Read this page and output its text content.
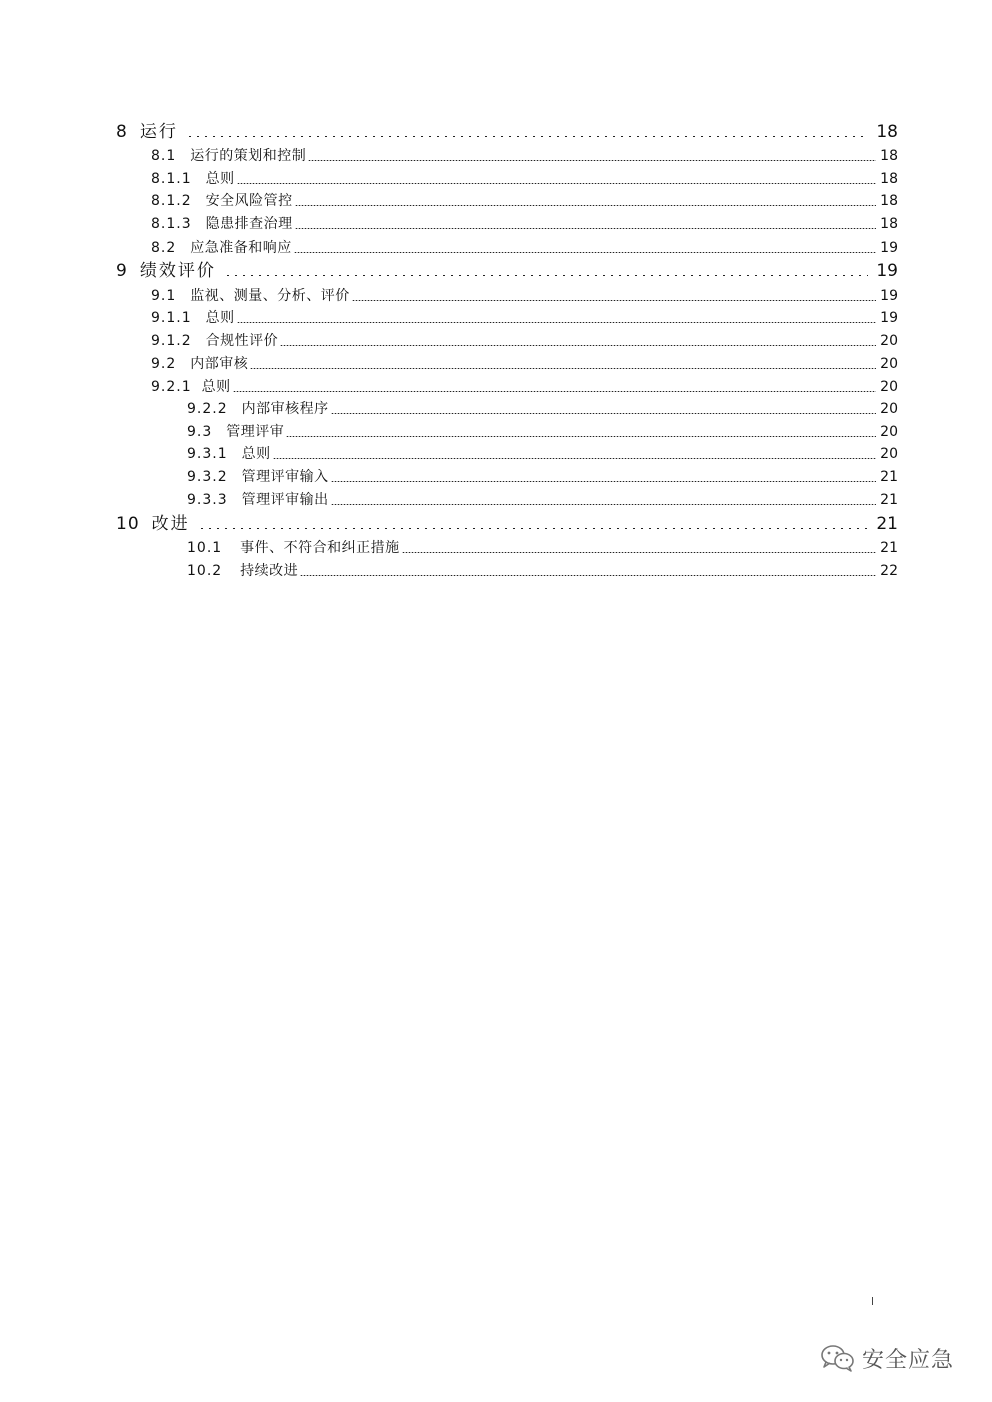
8 运行	18
8.1 运行的策划和控制	18
8.1.1 总则	18
8.1.2 安全风险管控	18
8.1.3 隐患排查治理	18
8.2 应急准备和响应	19
9 绩效评价	19
9.1 监视、测量、分析、评价	19
9.1.1 总则	19
9.1.2 合规性评价	20
9.2 内部审核	20
9.2.1 总则	20
9.2.2 内部审核程序	20
9.3 管理评审	20
9.3.1 总则	20
9.3.2 管理评审输入	21
9.3.3 管理评审输出	21
10 改进	21
10.1 事件、不符合和纠正措施	21
10.2 持续改进	22
安全应急
